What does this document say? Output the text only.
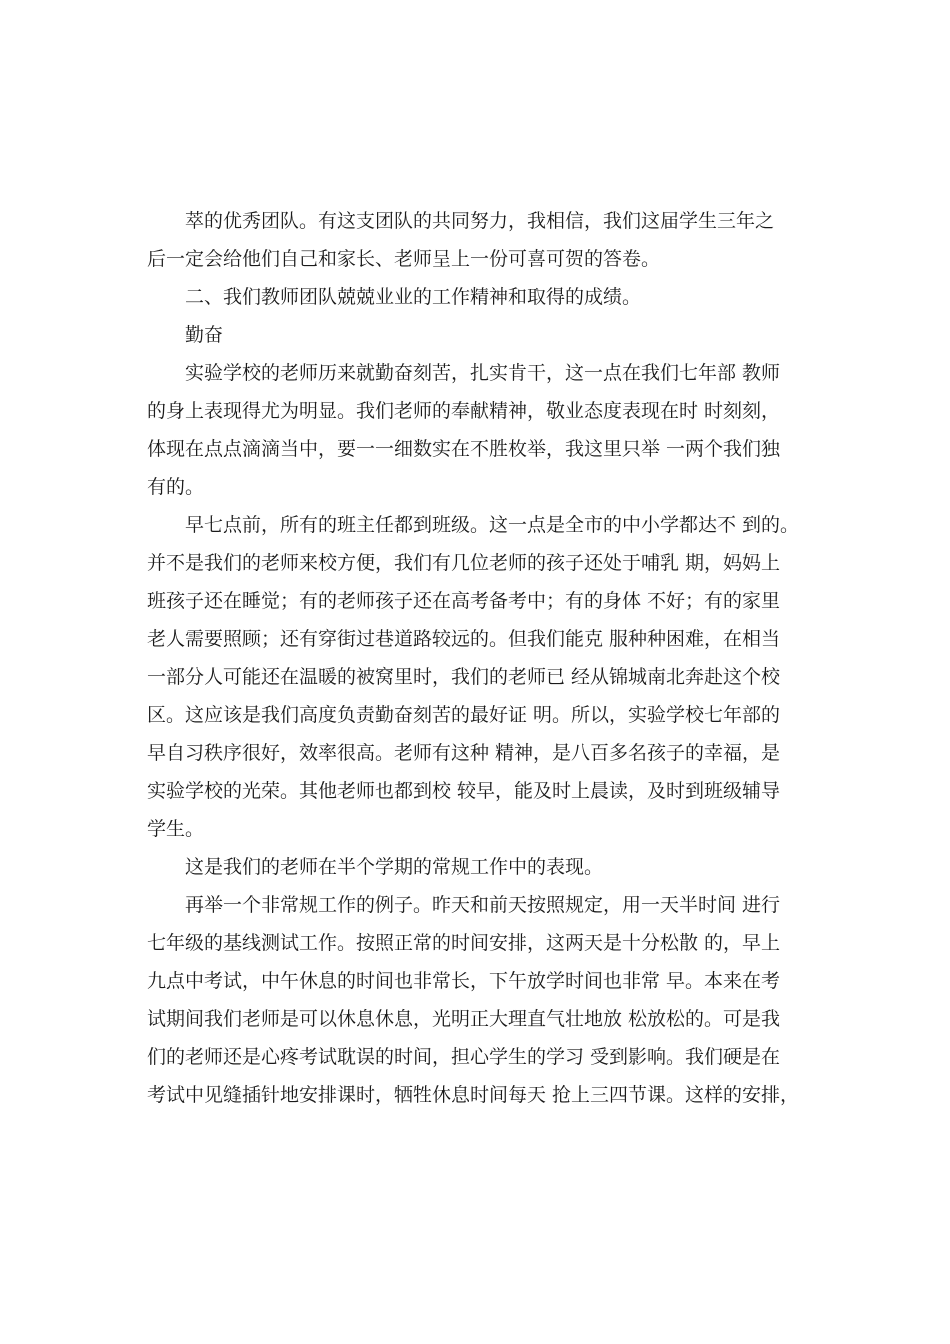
萃的优秀团队。有这支团队的共同努力，我相信，我们这届学生三年之
后一定会给他们自己和家长、老师呈上一份可喜可贺的答卷。
二、我们教师团队兢兢业业的工作精神和取得的成绩。
勤奋
实验学校的老师历来就勤奋刻苦，扎实肯干，这一点在我们七年部 教师
的身上表现得尤为明显。我们老师的奉献精神，敬业态度表现在时 时刻刻，
体现在点点滴滴当中，要一一细数实在不胜枚举，我这里只举 一两个我们独
有的。
早七点前，所有的班主任都到班级。这一点是全市的中小学都达不 到的。
并不是我们的老师来校方便，我们有几位老师的孩子还处于哺乳 期，妈妈上
班孩子还在睡觉；有的老师孩子还在高考备考中；有的身体 不好；有的家里
老人需要照顾；还有穿街过巷道路较远的。但我们能克 服种种困难，在相当
一部分人可能还在温暖的被窝里时，我们的老师已 经从锦城南北奔赴这个校
区。这应该是我们高度负责勤奋刻苦的最好证 明。所以，实验学校七年部的
早自习秩序很好，效率很高。老师有这种 精神，是八百多名孩子的幸福，是
实验学校的光荣。其他老师也都到校 较早，能及时上晨读，及时到班级辅导
学生。
这是我们的老师在半个学期的常规工作中的表现。
再举一个非常规工作的例子。昨天和前天按照规定，用一天半时间 进行
七年级的基线测试工作。按照正常的时间安排，这两天是十分松散 的，早上
九点中考试，中午休息的时间也非常长，下午放学时间也非常 早。本来在考
试期间我们老师是可以休息休息，光明正大理直气壮地放 松放松的。可是我
们的老师还是心疼考试耽误的时间，担心学生的学习 受到影响。我们硬是在
考试中见缝插针地安排课时，牺牲休息时间每天 抢上三四节课。这样的安排，
